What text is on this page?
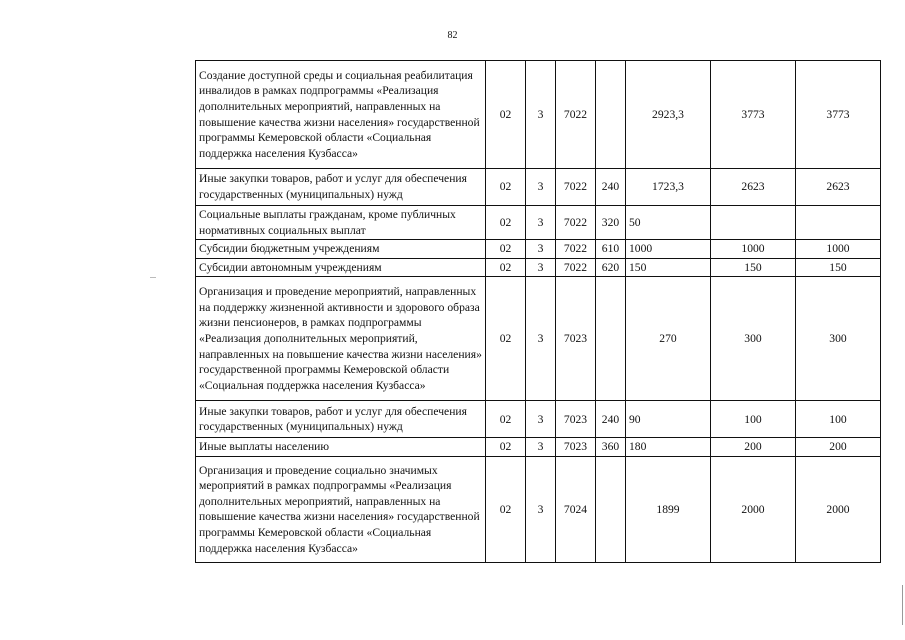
82
Создание доступной среды и социальная реабилитация инвалидов в рамках подпрограммы «Реализация дополнительных мероприятий, направленных на повышение качества жизни населения» государственной программы Кемеровской области «Социальная поддержка населения Кузбасса»	02	3	7022		2923,3	3773	3773
Иные закупки товаров, работ и услуг для обеспечения государственных (муниципальных) нужд	02	3	7022	240	1723,3	2623	2623
Социальные выплаты гражданам, кроме публичных нормативных социальных выплат	02	3	7022	320	50		
Субсидии бюджетным учреждениям	02	3	7022	610	1000	1000	1000
Субсидии автономным учреждениям	02	3	7022	620	150	150	150
Организация и проведение мероприятий, направленных на поддержку жизненной активности и здорового образа жизни пенсионеров, в рамках подпрограммы «Реализация дополнительных мероприятий, направленных на повышение качества жизни населения» государственной программы Кемеровской области «Социальная поддержка населения Кузбасса»	02	3	7023		270	300	300
Иные закупки товаров, работ и услуг для обеспечения государственных (муниципальных) нужд	02	3	7023	240	90	100	100
Иные выплаты населению	02	3	7023	360	180	200	200
Организация и проведение социально значимых мероприятий в рамках подпрограммы «Реализация дополнительных мероприятий, направленных на повышение качества жизни населения» государственной программы Кемеровской области «Социальная поддержка населения Кузбасса»	02	3	7024		1899	2000	2000
